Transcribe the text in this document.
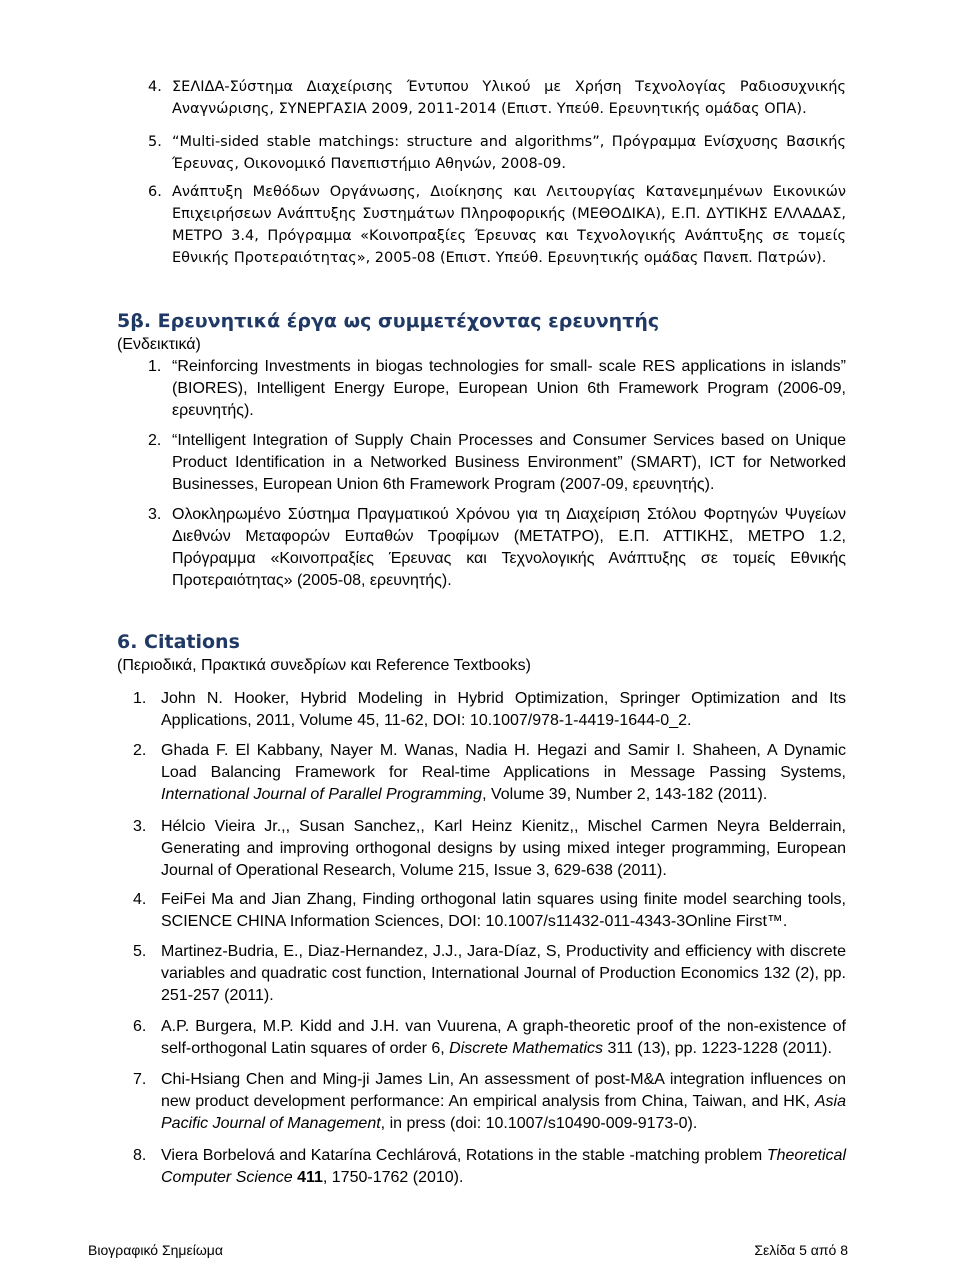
4. ΣΕΛΙΔΑ-Σύστημα Διαχείρισης Έντυπου Υλικού με Χρήση Τεχνολογίας Ραδιοσυχνικής Αναγνώρισης, ΣΥΝΕΡΓΑΣΙΑ 2009, 2011-2014 (Επιστ. Υπεύθ. Ερευνητικής ομάδας ΟΠΑ).
5. “Multi-sided stable matchings: structure and algorithms”, Πρόγραμμα Ενίσχυσης Βασικής Έρευνας, Οικονομικό Πανεπιστήμιο Αθηνών, 2008-09.
6. Ανάπτυξη Μεθόδων Οργάνωσης, Διοίκησης και Λειτουργίας Κατανεμημένων Εικονικών Επιχειρήσεων Ανάπτυξης Συστημάτων Πληροφορικής (ΜΕΘΟΔΙΚΑ), Ε.Π. ΔΥΤΙΚΗΣ ΕΛΛΑΔΑΣ, ΜΕΤΡΟ 3.4, Πρόγραμμα «Κοινοπραξίες Έρευνας και Τεχνολογικής Ανάπτυξης σε τομείς Εθνικής Προτεραιότητας», 2005-08 (Επιστ. Υπεύθ. Ερευνητικής ομάδας Πανεπ. Πατρών).
5β. Ερευνητικά έργα ως συμμετέχοντας ερευνητής

(Ενδεικτικά)

1. “Reinforcing Investments in biogas technologies for small- scale RES applications in islands” (BIORES), Intelligent Energy Europe, European Union 6th Framework Program (2006-09, ερευνητής).
2. “Intelligent Integration of Supply Chain Processes and Consumer Services based on Unique Product Identification in a Networked Business Environment” (SMART), ICT for Networked Businesses, European Union 6th Framework Program (2007-09, ερευνητής).
3. Ολοκληρωμένο Σύστημα Πραγματικού Χρόνου για τη Διαχείριση Στόλου Φορτηγών Ψυγείων Διεθνών Μεταφορών Ευπαθών Τροφίμων (ΜΕΤΑΤΡΟ), Ε.Π. ΑΤΤΙΚΗΣ, ΜΕΤΡΟ 1.2, Πρόγραμμα «Κοινοπραξίες Έρευνας και Τεχνολογικής Ανάπτυξης σε τομείς Εθνικής Προτεραιότητας» (2005-08, ερευνητής).
6. Citations

(Περιοδικά, Πρακτικά συνεδρίων και Reference Textbooks)

1. John N. Hooker, Hybrid Modeling in Hybrid Optimization, Springer Optimization and Its Applications, 2011, Volume 45, 11-62, DOI: 10.1007/978-1-4419-1644-0_2.
2. Ghada F. El Kabbany, Nayer M. Wanas, Nadia H. Hegazi and Samir I. Shaheen, A Dynamic Load Balancing Framework for Real-time Applications in Message Passing Systems, International Journal of Parallel Programming, Volume 39, Number 2, 143-182 (2011).
3. Hélcio Vieira Jr.,, Susan Sanchez,, Karl Heinz Kienitz,, Mischel Carmen Neyra Belderrain, Generating and improving orthogonal designs by using mixed integer programming, European Journal of Operational Research, Volume 215, Issue 3, 629-638 (2011).
4. FeiFei Ma and Jian Zhang, Finding orthogonal latin squares using finite model searching tools, SCIENCE CHINA Information Sciences, DOI: 10.1007/s11432-011-4343-3Online First™.
5. Martinez-Budria, E., Diaz-Hernandez, J.J., Jara-Díaz, S, Productivity and efficiency with discrete variables and quadratic cost function, International Journal of Production Economics 132 (2), pp. 251-257 (2011).
6. A.P. Burgera, M.P. Kidd and J.H. van Vuurena, A graph-theoretic proof of the non-existence of self-orthogonal Latin squares of order 6, Discrete Mathematics 311 (13), pp. 1223-1228 (2011).
7. Chi-Hsiang Chen and Ming-ji James Lin, An assessment of post-M&A integration influences on new product development performance: An empirical analysis from China, Taiwan, and HK, Asia Pacific Journal of Management, in press (doi: 10.1007/s10490-009-9173-0).
8. Viera Borbelová and Katarína Cechlárová, Rotations in the stable -matching problem Theoretical Computer Science 411, 1750-1762 (2010).
Βιογραφικό Σημείωμα	Σελίδα 5 από 8
